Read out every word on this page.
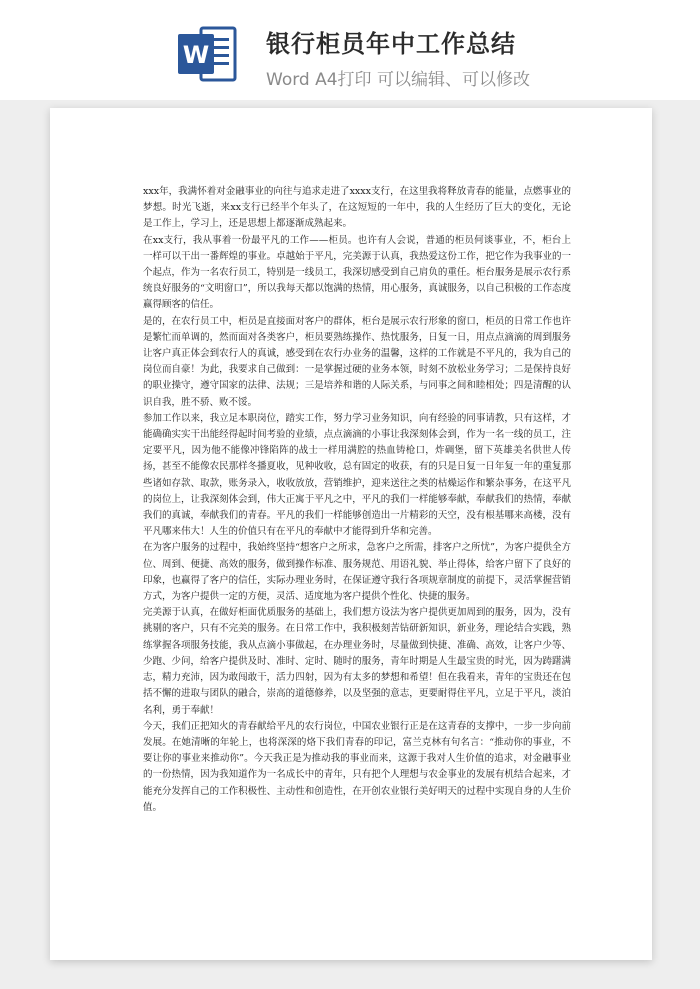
W 银行柜员年中工作总结
Word A4打印 可以编辑、可以修改

xxx年，我满怀着对金融事业的向往与追求走进了xxxx支行，在这里我将释放青春的能量，点燃事业的梦想。时光飞逝，来xx支行已经半个年头了，在这短短的一年中，我的人生经历了巨大的变化，无论是工作上，学习上，还是思想上都逐渐成熟起来。

在xx支行，我从事着一份最平凡的工作——柜员。也许有人会说，普通的柜员何谈事业，不，柜台上一样可以干出一番辉煌的事业。卓越始于平凡，完美源于认真，我热爱这份工作，把它作为我事业的一个起点，作为一名农行员工，特别是一线员工，我深切感受到自己肩负的重任。柜台服务是展示农行系统良好服务的“文明窗口”，所以我每天都以饱满的热情，用心服务，真诚服务，以自己积极的工作态度赢得顾客的信任。

是的，在农行员工中，柜员是直接面对客户的群体，柜台是展示农行形象的窗口，柜员的日常工作也许是繁忙而单调的，然而面对各类客户，柜员要熟练操作、热忱服务，日复一日，用点点滴滴的周到服务让客户真正体会到农行人的真诚，感受到在农行办业务的温馨，这样的工作就是不平凡的，我为自己的岗位而自豪！为此，我要求自己做到：一是掌握过硬的业务本领，时刻不放松业务学习；二是保持良好的职业操守，遵守国家的法律、法规；三是培养和谐的人际关系，与同事之间和睦相处；四是清醒的认识自我，胜不骄、败不馁。

参加工作以来，我立足本职岗位，踏实工作，努力学习业务知识，向有经验的同事请教，只有这样，才能确确实实干出能经得起时间考验的业绩，点点滴滴的小事让我深刻体会到，作为一名一线的员工，注定要平凡，因为他不能像冲锋陷阵的战士一样用满腔的热血铸枪口，炸碉堡，留下英雄美名供世人传扬，甚至不能像农民那样冬播夏收，见种收收，总有固定的收获，有的只是日复一日年复一年的重复那些诸如存款、取款，账务录入，收收放放，营销维护，迎来送往之类的枯燥运作和繁杂事务，在这平凡的岗位上，让我深刻体会到，伟大正寓于平凡之中，平凡的我们一样能够奉献，奉献我们的热情，奉献我们的真诚，奉献我们的青春。平凡的我们一样能够创造出一片精彩的天空，没有根基哪来高楼，没有平凡哪来伟大！人生的价值只有在平凡的奉献中才能得到升华和完善。

在为客户服务的过程中，我始终坚持“想客户之所求，急客户之所需，排客户之所忧”，为客户提供全方位、周到、便捷、高效的服务，做到操作标准、服务规范、用语礼貌、举止得体，给客户留下了良好的印象，也赢得了客户的信任，实际办理业务时，在保证遵守我行各项规章制度的前提下，灵活掌握营销方式，为客户提供一定的方便，灵活、适度地为客户提供个性化、快捷的服务。

完美源于认真，在做好柜面优质服务的基础上，我们想方设法为客户提供更加周到的服务，因为，没有挑剔的客户，只有不完美的服务。在日常工作中，我积极刻苦钻研新知识，新业务，理论结合实践，熟练掌握各项服务技能，我从点滴小事做起，在办理业务时，尽量做到快捷、准确、高效，让客户少等、少跑、少问，给客户提供及时、准时、定时、随时的服务，青年时期是人生最宝贵的时光，因为踌躇满志，精力充沛，因为敢闯敢干，活力四射，因为有太多的梦想和希望！但在我看来，青年的宝贵还在包括不懈的进取与团队的融合，崇高的道德修养，以及坚强的意志，更要耐得住平凡，立足于平凡，淡泊名利，勇于奉献！

今天，我们正把知火的青春献给平凡的农行岗位，中国农业银行正是在这青春的支撑中，一步一步向前发展。在她清晰的年轮上，也将深深的烙下我们青春的印记，富兰克林有句名言：“推动你的事业，不要让你的事业来推动你”。今天我正是为推动我的事业而来，这源于我对人生价值的追求，对金融事业的一份热情，因为我知道作为一名成长中的青年，只有把个人理想与农金事业的发展有机结合起来，才能充分发挥自己的工作积极性、主动性和创造性，在开创农业银行美好明天的过程中实现自身的人生价值。
